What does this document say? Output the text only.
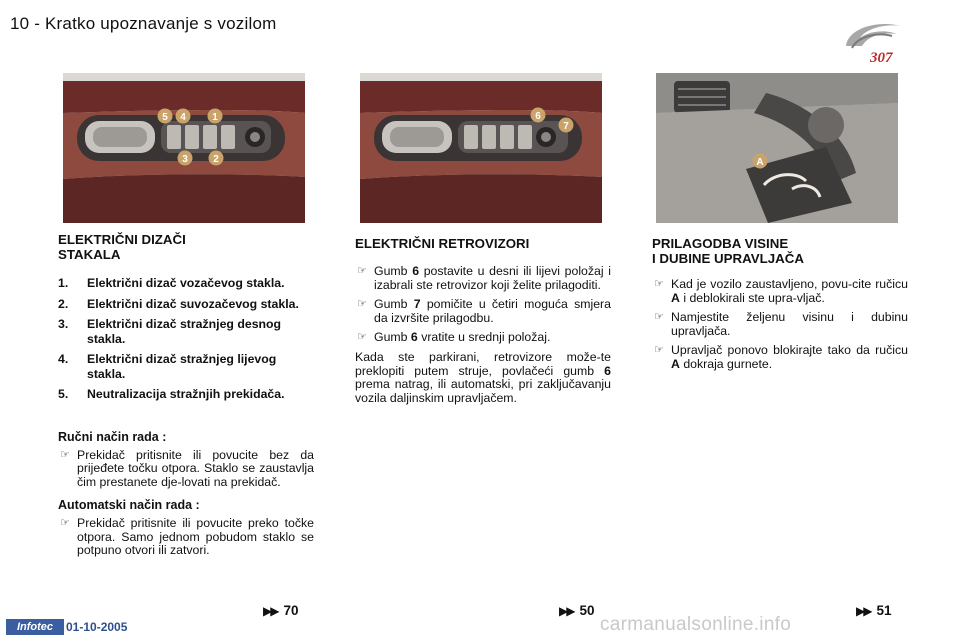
10 - Kratko upoznavanje s vozilom
307
5 4	1
3	2
6
7
A
ELEKTRIČNI DIZAČI
STAKALA
1. Električni dizač vozačevog stakla.
2. Električni dizač suvozačevog stakla.
3. Električni dizač stražnjeg desnog stakla.
4. Električni dizač stražnjeg lijevog stakla.
5. Neutralizacija stražnjih prekidača.
Ručni način rada :
☞ Prekidač pritisnite ili povucite bez da prijeđete točku otpora. Staklo se zaustavlja čim prestanete dje-lovati na prekidač.
Automatski način rada :
☞ Prekidač pritisnite ili povucite preko točke otpora. Samo jednom pobudom staklo se potpuno otvori ili zatvori.
ELEKTRIČNI RETROVIZORI
☞ Gumb 6 postavite u desni ili lijevi položaj i izabrali ste retrovizor koji želite prilagoditi.
☞ Gumb 7 pomičite u četiri moguća smjera da izvršite prilagodbu.
☞ Gumb 6 vratite u srednji položaj.
Kada ste parkirani, retrovizore može-te preklopiti putem struje, povlačeći gumb 6 prema natrag, ili automatski, pri zaključavanju vozila daljinskim upravljačem.
PRILAGODBA VISINE
I DUBINE UPRAVLJAČA
☞ Kad je vozilo zaustavljeno, povu-cite ručicu A i deblokirali ste upra-vljač.
☞ Namjestite željenu visinu i dubinu upravljača.
☞ Upravljač ponovo blokirajte tako da ručicu A dokraja gurnete.
▶▶ 70	▶▶ 50	▶▶ 51
Infotec	01-10-2005	carmanualsonline.info
